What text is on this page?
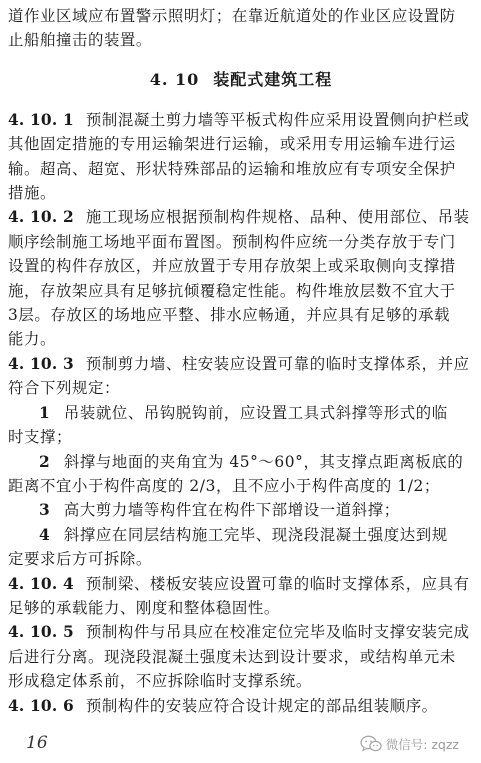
道作业区域应布置警示照明灯；在靠近航道处的作业区应设置防
止船舶撞击的装置。
4. 10 装配式建筑工程
4. 10. 1 预制混凝土剪力墙等平板式构件应采用设置侧向护栏或
其他固定措施的专用运输架进行运输，或采用专用运输车进行运
输。超高、超宽、形状特殊部品的运输和堆放应有专项安全保护
措施。
4. 10. 2 施工现场应根据预制构件规格、品种、使用部位、吊装
顺序绘制施工场地平面布置图。预制构件应统一分类存放于专门
设置的构件存放区，并应放置于专用存放架上或采取侧向支撑措
施，存放架应具有足够抗倾覆稳定性能。构件堆放层数不宜大于
3层。存放区的场地应平整、排水应畅通，并应具有足够的承载
能力。
4. 10. 3 预制剪力墙、柱安装应设置可靠的临时支撑体系，并应
符合下列规定：
1 吊装就位、吊钩脱钩前，应设置工具式斜撑等形式的临
时支撑；
2 斜撑与地面的夹角宜为 45°～60°，其支撑点距离板底的
距离不宜小于构件高度的 2/3，且不应小于构件高度的 1/2；
3 高大剪力墙等构件宜在构件下部增设一道斜撑；
4 斜撑应在同层结构施工完毕、现浇段混凝土强度达到规
定要求后方可拆除。
4. 10. 4 预制梁、楼板安装应设置可靠的临时支撑体系，应具有
足够的承载能力、刚度和整体稳固性。
4. 10. 5 预制构件与吊具应在校准定位完毕及临时支撑安装完成
后进行分离。现浇段混凝土强度未达到设计要求，或结构单元未
形成稳定体系前，不应拆除临时支撑系统。
4. 10. 6 预制构件的安装应符合设计规定的部品组装顺序。
16	微信号: zqzz
